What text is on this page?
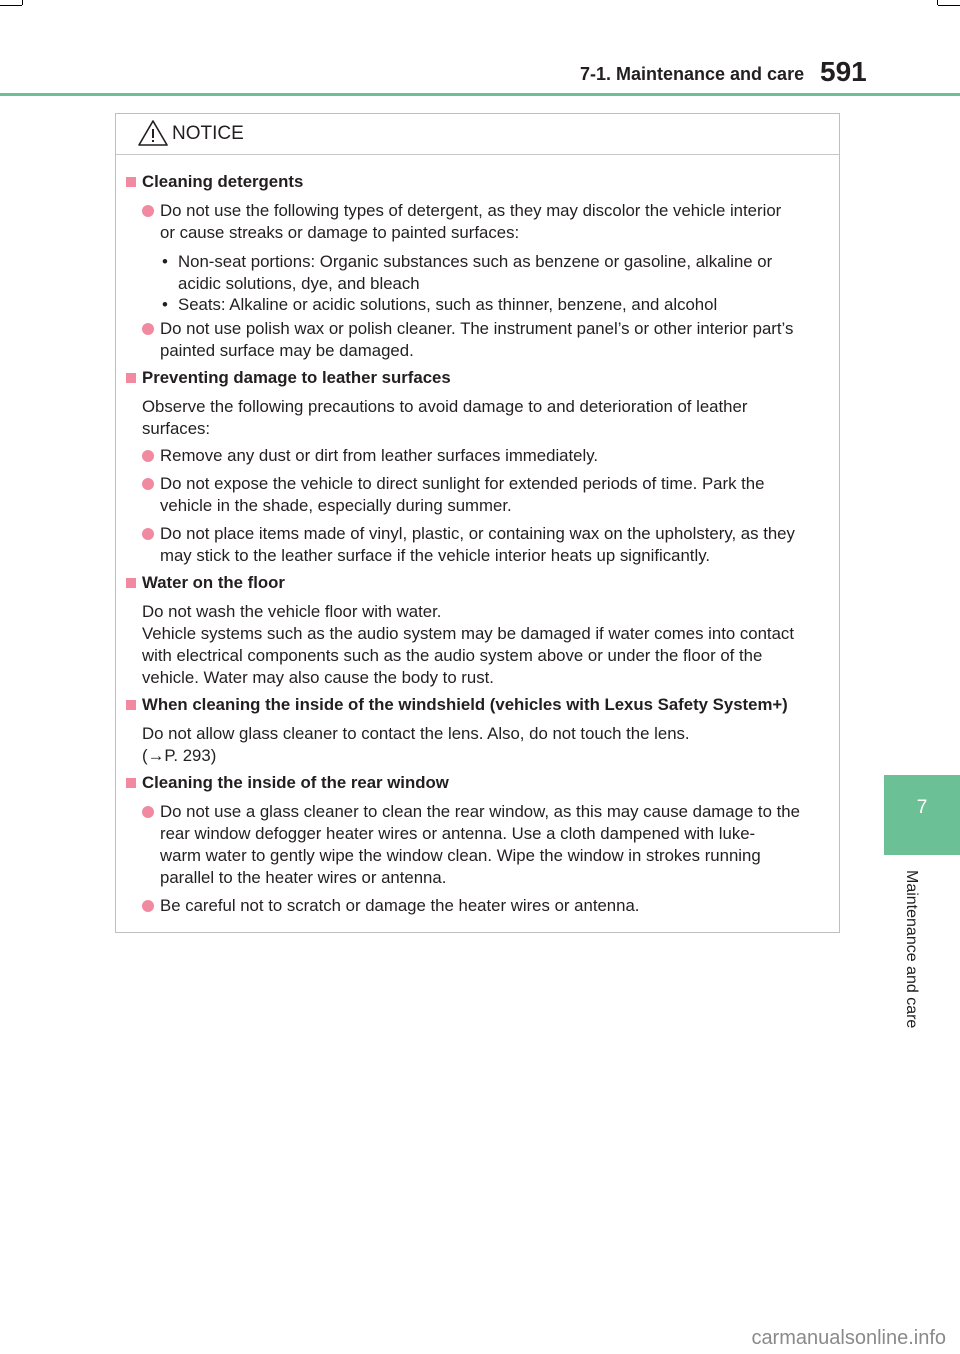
7-1. Maintenance and care 591
7
Maintenance and care
NOTICE
Cleaning detergents
Do not use the following types of detergent, as they may discolor the vehicle interior
or cause streaks or damage to painted surfaces:
• Non-seat portions: Organic substances such as benzene or gasoline, alkaline or
acidic solutions, dye, and bleach
• Seats: Alkaline or acidic solutions, such as thinner, benzene, and alcohol
Do not use polish wax or polish cleaner. The instrument panel’s or other interior part’s
painted surface may be damaged.
Preventing damage to leather surfaces
Observe the following precautions to avoid damage to and deterioration of leather
surfaces:
Remove any dust or dirt from leather surfaces immediately.
Do not expose the vehicle to direct sunlight for extended periods of time. Park the
vehicle in the shade, especially during summer.
Do not place items made of vinyl, plastic, or containing wax on the upholstery, as they
may stick to the leather surface if the vehicle interior heats up significantly.
Water on the floor
Do not wash the vehicle floor with water.
Vehicle systems such as the audio system may be damaged if water comes into contact
with electrical components such as the audio system above or under the floor of the
vehicle. Water may also cause the body to rust.
When cleaning the inside of the windshield (vehicles with Lexus Safety System+)
Do not allow glass cleaner to contact the lens. Also, do not touch the lens.
(→P. 293)
Cleaning the inside of the rear window
Do not use a glass cleaner to clean the rear window, as this may cause damage to the
rear window defogger heater wires or antenna. Use a cloth dampened with luke-
warm water to gently wipe the window clean. Wipe the window in strokes running
parallel to the heater wires or antenna.
Be careful not to scratch or damage the heater wires or antenna.
carmanualsonline.info
